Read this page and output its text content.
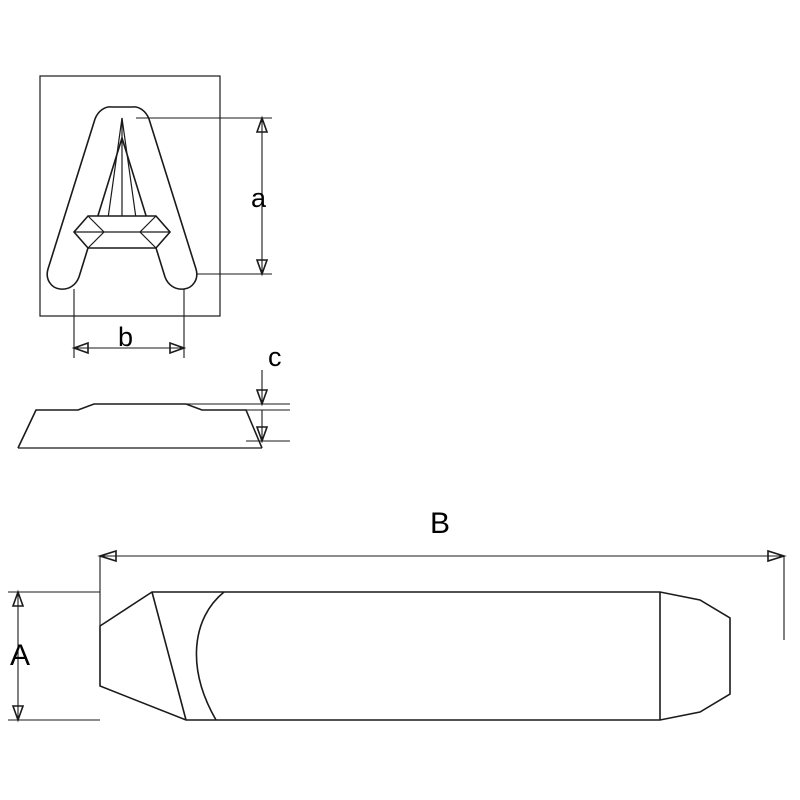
a
b
c
A
B
